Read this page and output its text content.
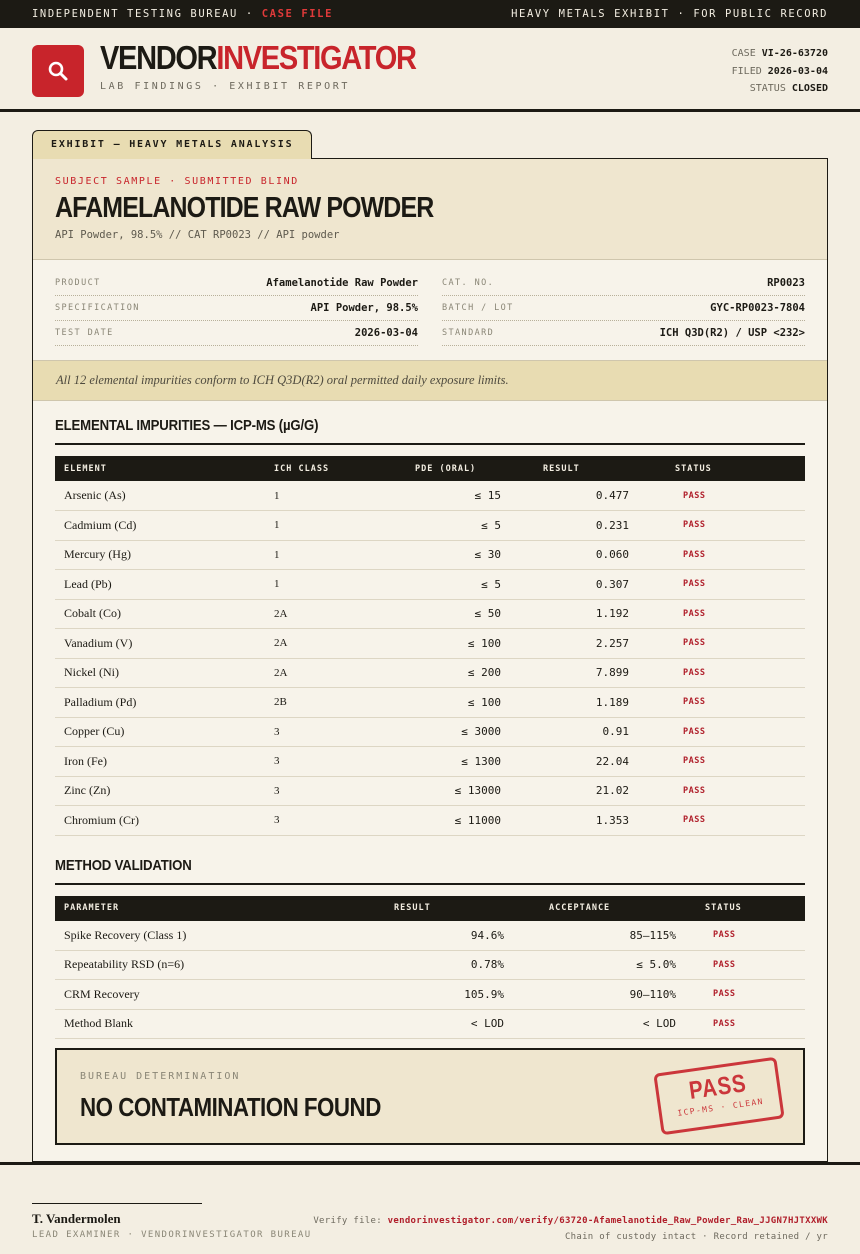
INDEPENDENT TESTING BUREAU · CASE FILE	HEAVY METALS EXHIBIT · FOR PUBLIC RECORD
VENDORINVESTIGATOR
LAB FINDINGS · EXHIBIT REPORT
CASE VI-26-63720
FILED 2026-03-04
STATUS CLOSED
EXHIBIT — HEAVY METALS ANALYSIS
SUBJECT SAMPLE · SUBMITTED BLIND
AFAMELANOTIDE RAW POWDER
API Powder, 98.5% // CAT RP0023 // API powder
PRODUCT	Afamelanotide Raw Powder
SPECIFICATION	API Powder, 98.5%
TEST DATE	2026-03-04
CAT. NO.	RP0023
BATCH / LOT	GYC-RP0023-7804
STANDARD	ICH Q3D(R2) / USP <232>
All 12 elemental impurities conform to ICH Q3D(R2) oral permitted daily exposure limits.
ELEMENTAL IMPURITIES — ICP-MS (µG/G)
ELEMENT	ICH CLASS	PDE (ORAL)	RESULT	STATUS
Arsenic (As)	1	≤ 15	0.477	PASS
Cadmium (Cd)	1	≤ 5	0.231	PASS
Mercury (Hg)	1	≤ 30	0.060	PASS
Lead (Pb)	1	≤ 5	0.307	PASS
Cobalt (Co)	2A	≤ 50	1.192	PASS
Vanadium (V)	2A	≤ 100	2.257	PASS
Nickel (Ni)	2A	≤ 200	7.899	PASS
Palladium (Pd)	2B	≤ 100	1.189	PASS
Copper (Cu)	3	≤ 3000	0.91	PASS
Iron (Fe)	3	≤ 1300	22.04	PASS
Zinc (Zn)	3	≤ 13000	21.02	PASS
Chromium (Cr)	3	≤ 11000	1.353	PASS
METHOD VALIDATION
PARAMETER	RESULT	ACCEPTANCE	STATUS
Spike Recovery (Class 1)	94.6%	85–115%	PASS
Repeatability RSD (n=6)	0.78%	≤ 5.0%	PASS
CRM Recovery	105.9%	90–110%	PASS
Method Blank	< LOD	< LOD	PASS
BUREAU DETERMINATION
NO CONTAMINATION FOUND
PASS
ICP-MS · CLEAN
T. Vandermolen
LEAD EXAMINER · VENDORINVESTIGATOR BUREAU
Verify file: vendorinvestigator.com/verify/63720-Afamelanotide_Raw_Powder_Raw_JJGN7HJTXXWK
Chain of custody intact · Record retained / yr
